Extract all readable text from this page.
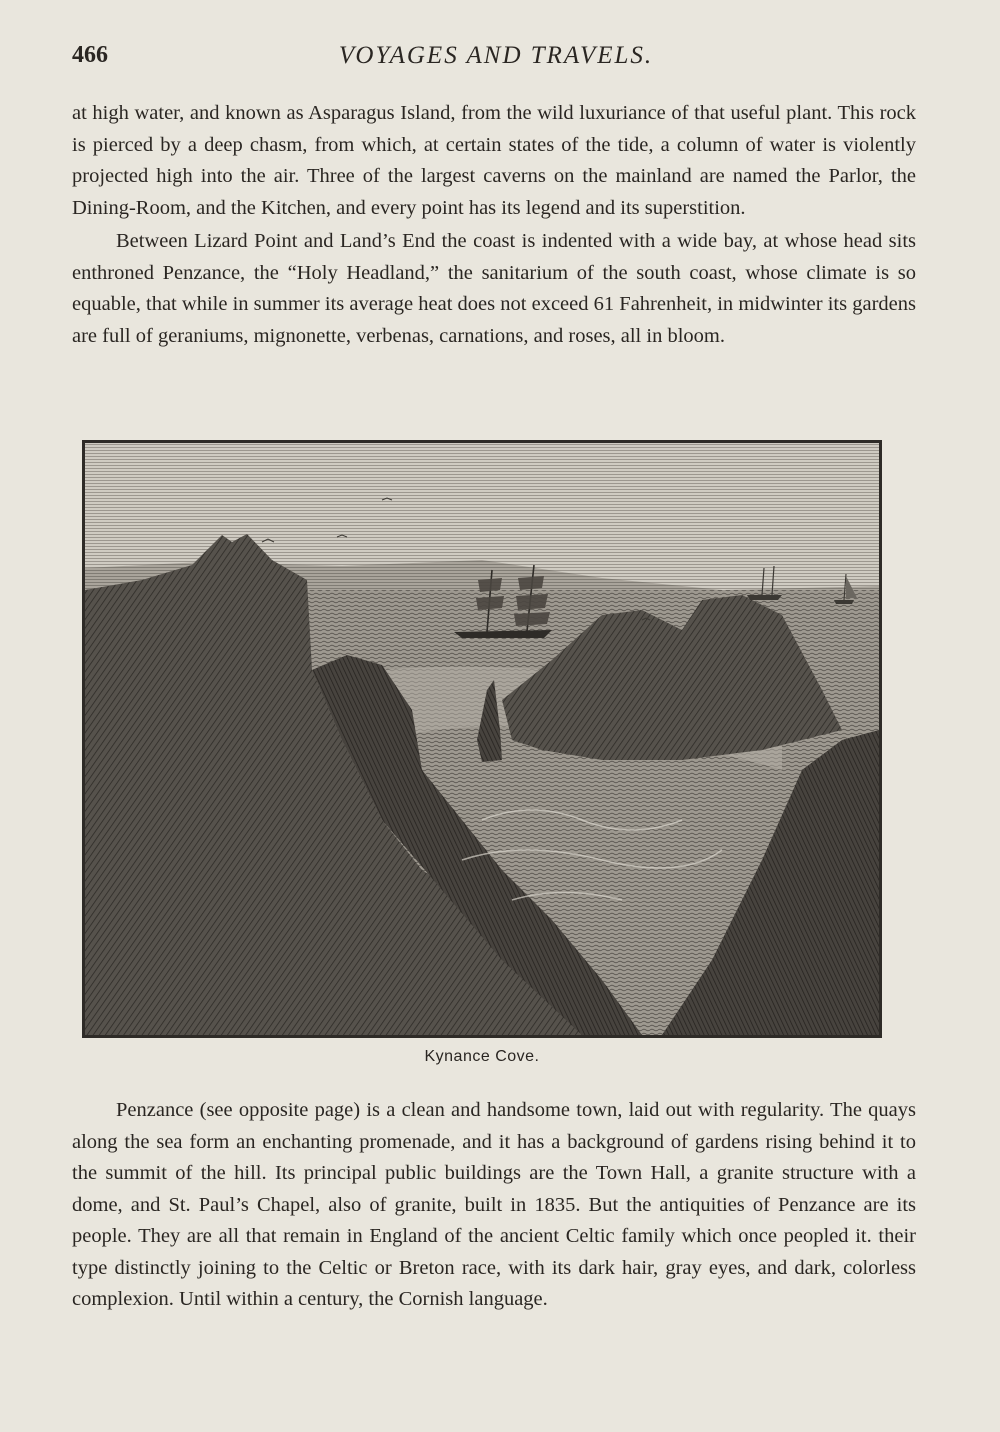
466	VOYAGES AND TRAVELS.

at high water, and known as Asparagus Island, from the wild luxuriance of that useful plant. This rock is pierced by a deep chasm, from which, at certain states of the tide, a column of water is violently projected high into the air. Three of the largest caverns on the mainland are named the Parlor, the Dining-Room, and the Kitchen, and every point has its legend and its superstition.

Between Lizard Point and Land’s End the coast is indented with a wide bay, at whose head sits enthroned Penzance, the “Holy Headland,” the sanitarium of the south coast, whose climate is so equable, that while in summer its average heat does not exceed 61 Fahrenheit, in midwinter its gardens are full of geraniums, mignonette, verbenas, carnations, and roses, all in bloom.

Kynance Cove.

Penzance (see opposite page) is a clean and handsome town, laid out with regularity. The quays along the sea form an enchanting promenade, and it has a background of gardens rising behind it to the summit of the hill. Its principal public buildings are the Town Hall, a granite structure with a dome, and St. Paul’s Chapel, also of granite, built in 1835. But the antiquities of Penzance are its people. They are all that remain in England of the ancient Celtic family which once peopled it. their type distinctly joining to the Celtic or Breton race, with its dark hair, gray eyes, and dark, colorless complexion. Until within a century, the Cornish language.
